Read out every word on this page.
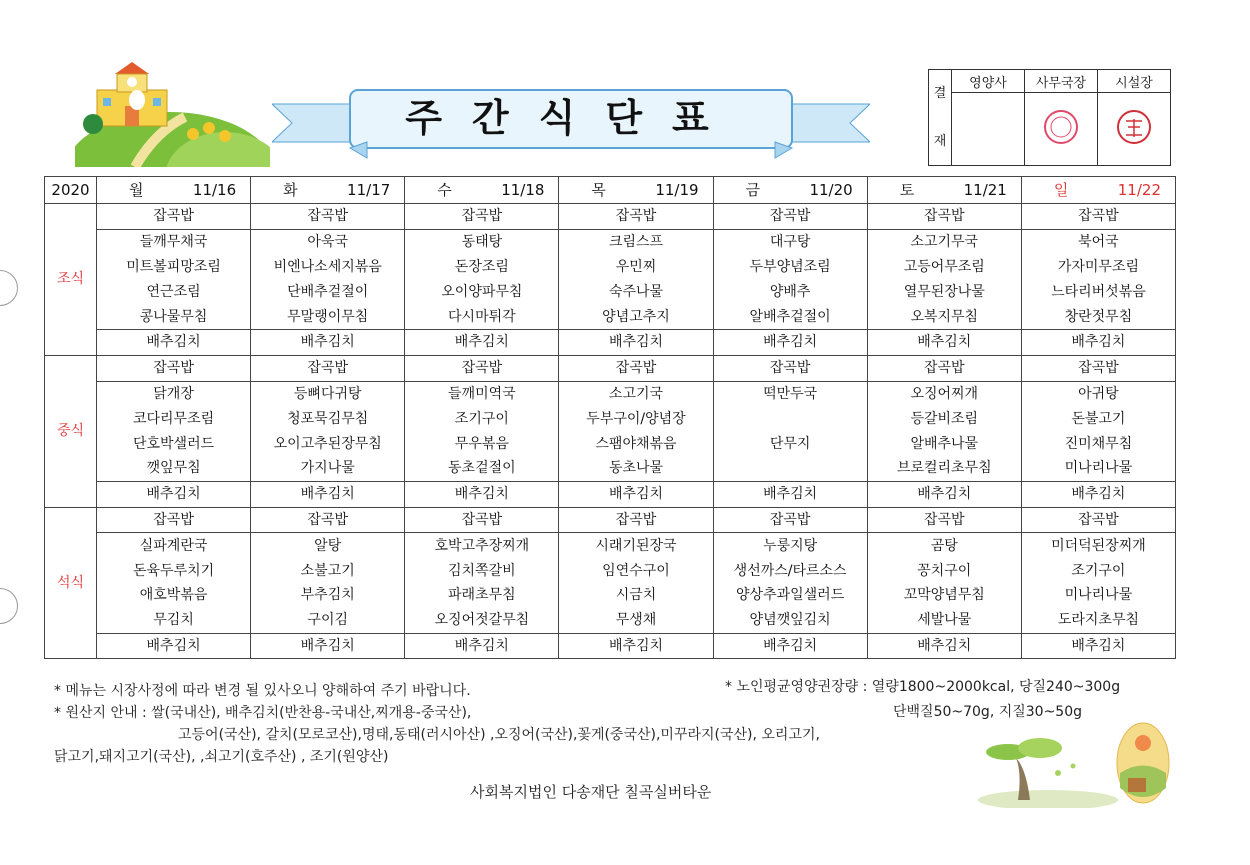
주간식단표
결

재	영양사	사무국장	시설장

2020	월 11/16	화 11/17	수 11/18	목 11/19	금 11/20	토 11/21	일 11/22

조식	잡곡밥	잡곡밥	잡곡밥	잡곡밥	잡곡밥	잡곡밥	잡곡밥
	들깨무채국	아욱국	동태탕	크림스프	대구탕	소고기무국	북어국
	미트볼피망조림	비엔나소세지볶음	돈장조림	우민찌	두부양념조림	고등어무조림	가자미무조림
	연근조림	단배추겉절이	오이양파무침	숙주나물	양배추	열무된장나물	느타리버섯볶음
	콩나물무침	무말랭이무침	다시마튀각	양념고추지	알배추겉절이	오복지무침	창란젓무침
	배추김치	배추김치	배추김치	배추김치	배추김치	배추김치	배추김치
중식	잡곡밥	잡곡밥	잡곡밥	잡곡밥	잡곡밥	잡곡밥	잡곡밥
	닭개장	등뼈다귀탕	들깨미역국	소고기국	떡만두국	오징어찌개	아귀탕
	코다리무조림	청포묵김무침	조기구이	두부구이/양념장		등갈비조림	돈불고기
	단호박샐러드	오이고추된장무침	무우볶음	스팸야채볶음	단무지	알배추나물	진미채무침
	깻잎무침	가지나물	동초겉절이	동초나물		브로컬리초무침	미나리나물
	배추김치	배추김치	배추김치	배추김치	배추김치	배추김치	배추김치
석식	잡곡밥	잡곡밥	잡곡밥	잡곡밥	잡곡밥	잡곡밥	잡곡밥
	실파계란국	알탕	호박고추장찌개	시래기된장국	누룽지탕	곰탕	미더덕된장찌개
	돈육두루치기	소불고기	김치쪽갈비	임연수구이	생선까스/타르소스	꽁치구이	조기구이
	애호박볶음	부추김치	파래초무침	시금치	양상추과일샐러드	꼬막양념무침	미나리나물
	무김치	구이김	오징어젓갈무침	무생채	양념깻잎김치	세발나물	도라지초무침
	배추김치	배추김치	배추김치	배추김치	배추김치	배추김치	배추김치
* 메뉴는 시장사정에 따라 변경 될 있사오니 양해하여 주기 바랍니다.
* 원산지 안내 : 쌀(국내산), 배추김치(반찬용-국내산,찌개용-중국산),
고등어(국산), 갈치(모로코산),명태,동태(러시아산) ,오징어(국산),꽃게(중국산),미꾸라지(국산), 오리고기,
닭고기,돼지고기(국산), ,쇠고기(호주산) , 조기(원양산)
* 노인평균영양권장량 : 열량1800~2000kcal, 당질240~300g
단백질50~70g, 지질30~50g
사회복지법인 다송재단 칠곡실버타운
